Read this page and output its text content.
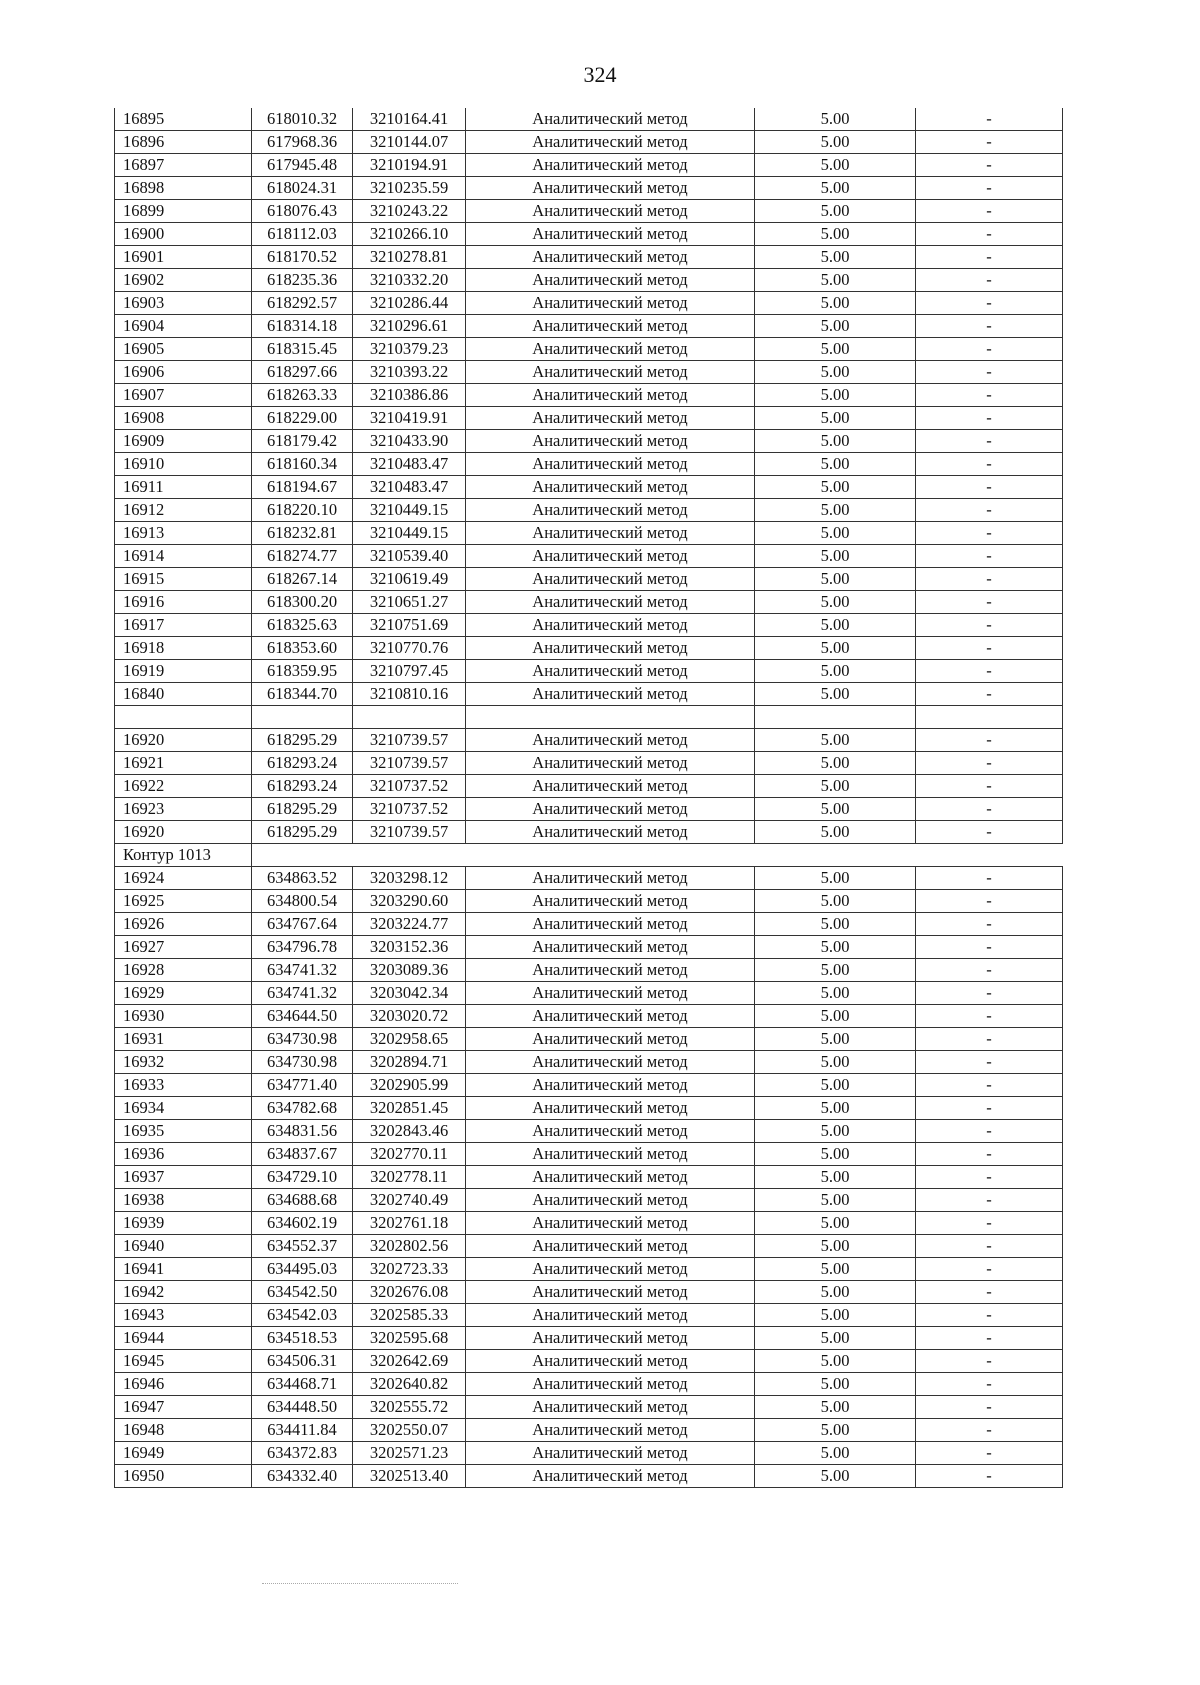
324
16895	618010.32	3210164.41	Аналитический метод	5.00	-
16896	617968.36	3210144.07	Аналитический метод	5.00	-
16897	617945.48	3210194.91	Аналитический метод	5.00	-
16898	618024.31	3210235.59	Аналитический метод	5.00	-
16899	618076.43	3210243.22	Аналитический метод	5.00	-
16900	618112.03	3210266.10	Аналитический метод	5.00	-
16901	618170.52	3210278.81	Аналитический метод	5.00	-
16902	618235.36	3210332.20	Аналитический метод	5.00	-
16903	618292.57	3210286.44	Аналитический метод	5.00	-
16904	618314.18	3210296.61	Аналитический метод	5.00	-
16905	618315.45	3210379.23	Аналитический метод	5.00	-
16906	618297.66	3210393.22	Аналитический метод	5.00	-
16907	618263.33	3210386.86	Аналитический метод	5.00	-
16908	618229.00	3210419.91	Аналитический метод	5.00	-
16909	618179.42	3210433.90	Аналитический метод	5.00	-
16910	618160.34	3210483.47	Аналитический метод	5.00	-
16911	618194.67	3210483.47	Аналитический метод	5.00	-
16912	618220.10	3210449.15	Аналитический метод	5.00	-
16913	618232.81	3210449.15	Аналитический метод	5.00	-
16914	618274.77	3210539.40	Аналитический метод	5.00	-
16915	618267.14	3210619.49	Аналитический метод	5.00	-
16916	618300.20	3210651.27	Аналитический метод	5.00	-
16917	618325.63	3210751.69	Аналитический метод	5.00	-
16918	618353.60	3210770.76	Аналитический метод	5.00	-
16919	618359.95	3210797.45	Аналитический метод	5.00	-
16840	618344.70	3210810.16	Аналитический метод	5.00	-

16920	618295.29	3210739.57	Аналитический метод	5.00	-
16921	618293.24	3210739.57	Аналитический метод	5.00	-
16922	618293.24	3210737.52	Аналитический метод	5.00	-
16923	618295.29	3210737.52	Аналитический метод	5.00	-
16920	618295.29	3210739.57	Аналитический метод	5.00	-
Контур 1013					
16924	634863.52	3203298.12	Аналитический метод	5.00	-
16925	634800.54	3203290.60	Аналитический метод	5.00	-
16926	634767.64	3203224.77	Аналитический метод	5.00	-
16927	634796.78	3203152.36	Аналитический метод	5.00	-
16928	634741.32	3203089.36	Аналитический метод	5.00	-
16929	634741.32	3203042.34	Аналитический метод	5.00	-
16930	634644.50	3203020.72	Аналитический метод	5.00	-
16931	634730.98	3202958.65	Аналитический метод	5.00	-
16932	634730.98	3202894.71	Аналитический метод	5.00	-
16933	634771.40	3202905.99	Аналитический метод	5.00	-
16934	634782.68	3202851.45	Аналитический метод	5.00	-
16935	634831.56	3202843.46	Аналитический метод	5.00	-
16936	634837.67	3202770.11	Аналитический метод	5.00	-
16937	634729.10	3202778.11	Аналитический метод	5.00	-
16938	634688.68	3202740.49	Аналитический метод	5.00	-
16939	634602.19	3202761.18	Аналитический метод	5.00	-
16940	634552.37	3202802.56	Аналитический метод	5.00	-
16941	634495.03	3202723.33	Аналитический метод	5.00	-
16942	634542.50	3202676.08	Аналитический метод	5.00	-
16943	634542.03	3202585.33	Аналитический метод	5.00	-
16944	634518.53	3202595.68	Аналитический метод	5.00	-
16945	634506.31	3202642.69	Аналитический метод	5.00	-
16946	634468.71	3202640.82	Аналитический метод	5.00	-
16947	634448.50	3202555.72	Аналитический метод	5.00	-
16948	634411.84	3202550.07	Аналитический метод	5.00	-
16949	634372.83	3202571.23	Аналитический метод	5.00	-
16950	634332.40	3202513.40	Аналитический метод	5.00	-
